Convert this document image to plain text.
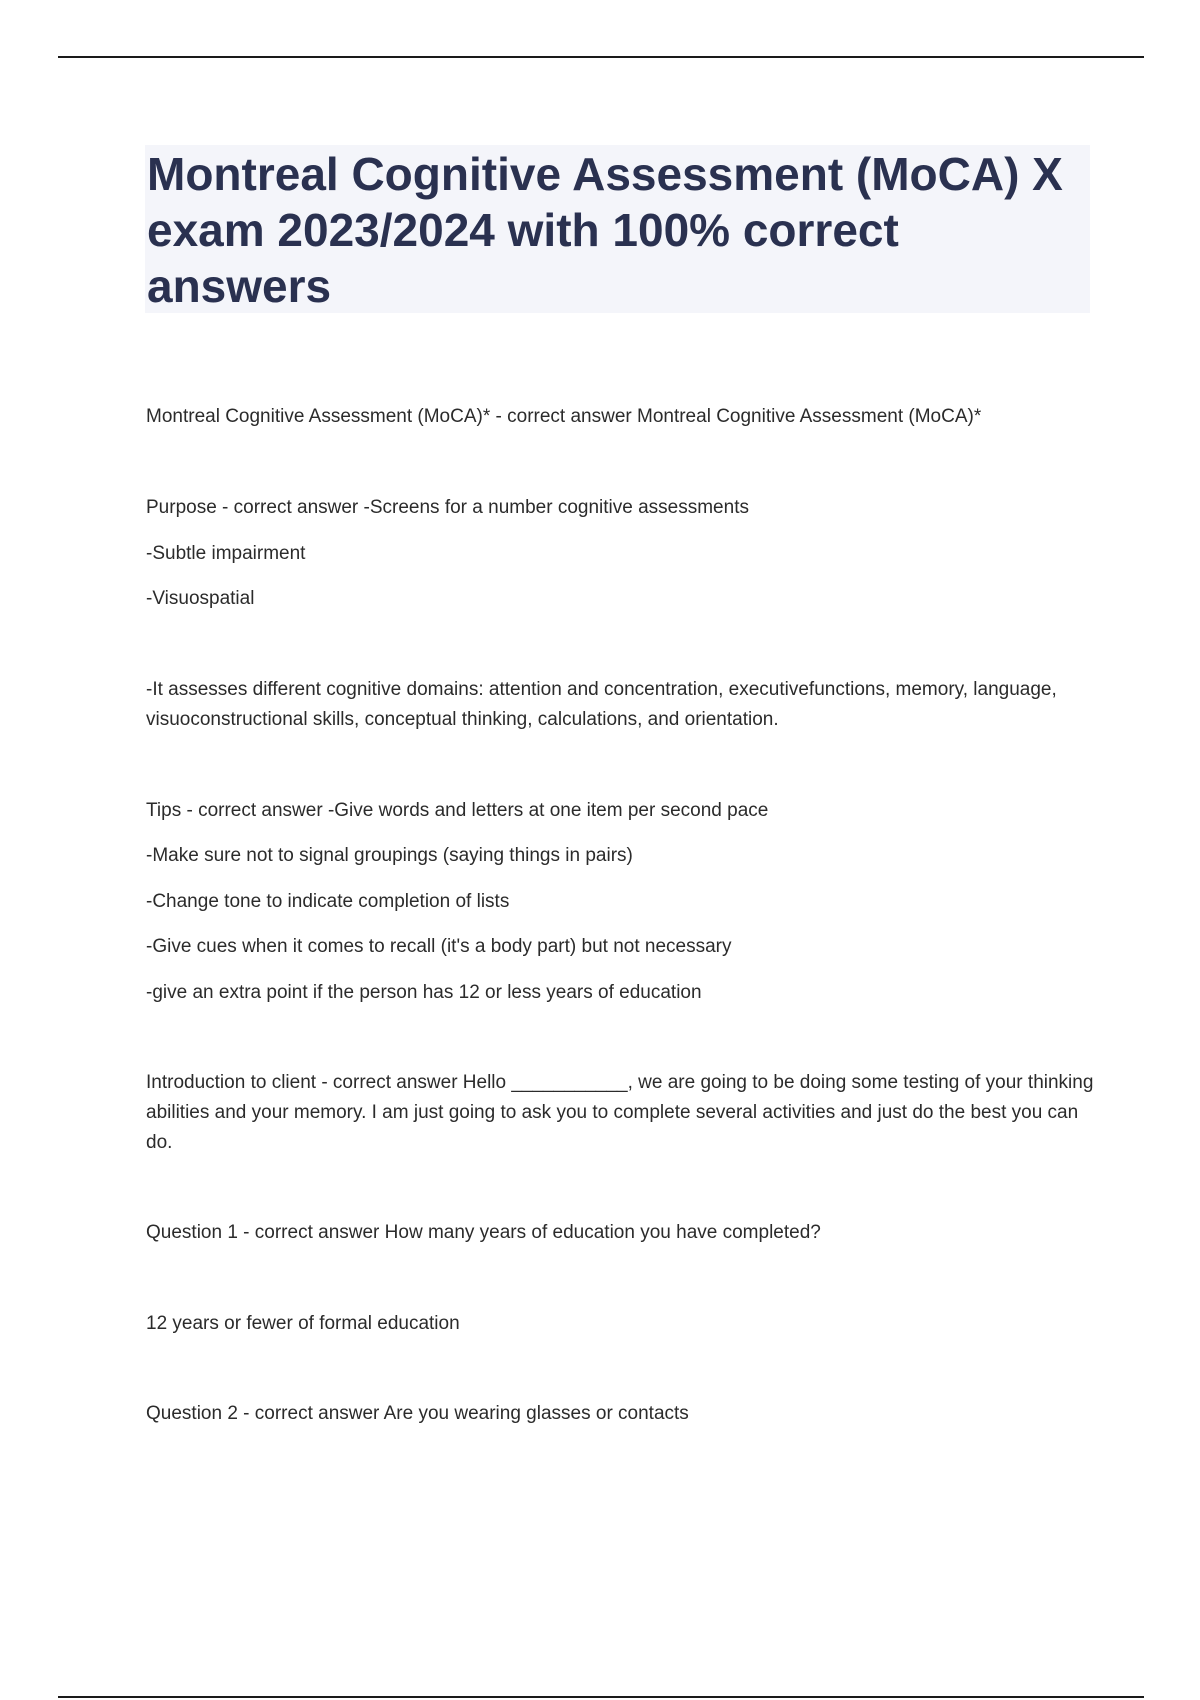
Montreal Cognitive Assessment (MoCA) X exam 2023/2024 with 100% correct answers

Montreal Cognitive Assessment (MoCA)* - correct answer Montreal Cognitive Assessment (MoCA)*

Purpose - correct answer -Screens for a number cognitive assessments

-Subtle impairment

-Visuospatial

-It assesses different cognitive domains: attention and concentration, executivefunctions, memory, language, visuoconstructional skills, conceptual thinking, calculations, and orientation.

Tips - correct answer -Give words and letters at one item per second pace

-Make sure not to signal groupings (saying things in pairs)

-Change tone to indicate completion of lists

-Give cues when it comes to recall (it's a body part) but not necessary

-give an extra point if the person has 12 or less years of education

Introduction to client - correct answer Hello ___________, we are going to be doing some testing of your thinking abilities and your memory. I am just going to ask you to complete several activities and just do the best you can do.

Question 1 - correct answer How many years of education you have completed?

12 years or fewer of formal education

Question 2 - correct answer Are you wearing glasses or contacts
